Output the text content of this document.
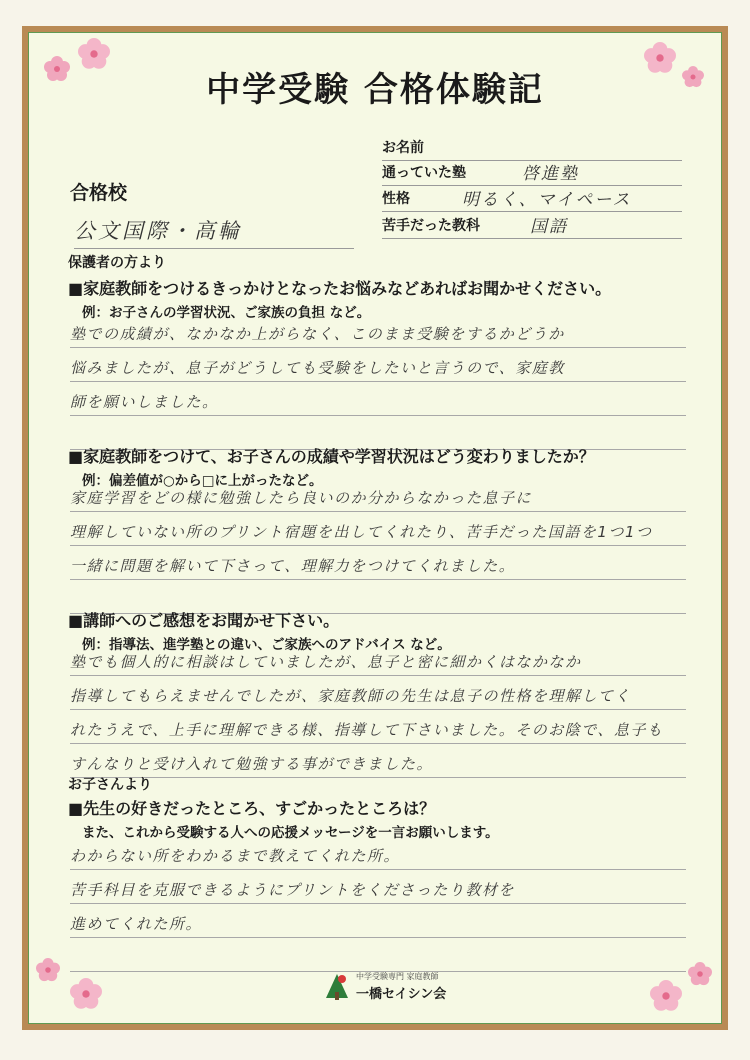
中学受験 合格体験記
お名前
通っていた塾	啓進塾
性格	明るく、マイペース
苦手だった教科	国語
合格校
公文国際・高輪
保護者の方より
■家庭教師をつけるきっかけとなったお悩みなどあればお聞かせください。
例：お子さんの学習状況、ご家族の負担 など。
塾での成績が、なかなか上がらなく、このまま受験をするかどうか
悩みましたが、息子がどうしても受験をしたいと言うので、家庭教
師を願いしました。
■家庭教師をつけて、お子さんの成績や学習状況はどう変わりましたか？
例：偏差値が○から□に上がったなど。
家庭学習をどの様に勉強したら良いのか分からなかった息子に
理解していない所のプリント宿題を出してくれたり、苦手だった国語を1つ1つ
一緒に問題を解いて下さって、理解力をつけてくれました。
■講師へのご感想をお聞かせ下さい。
例：指導法、進学塾との違い、ご家族へのアドバイス など。
塾でも個人的に相談はしていましたが、息子と密に細かくはなかなか
指導してもらえませんでしたが、家庭教師の先生は息子の性格を理解してく
れたうえで、上手に理解できる様、指導して下さいました。そのお陰で、息子も
すんなりと受け入れて勉強する事ができました。
お子さんより
■先生の好きだったところ、すごかったところは？
また、これから受験する人への応援メッセージを一言お願いします。
わからない所をわかるまで教えてくれた所。
苦手科目を克服できるようにプリントをくださったり教材を
進めてくれた所。
中学受験専門 家庭教師
一橋セイシン会
